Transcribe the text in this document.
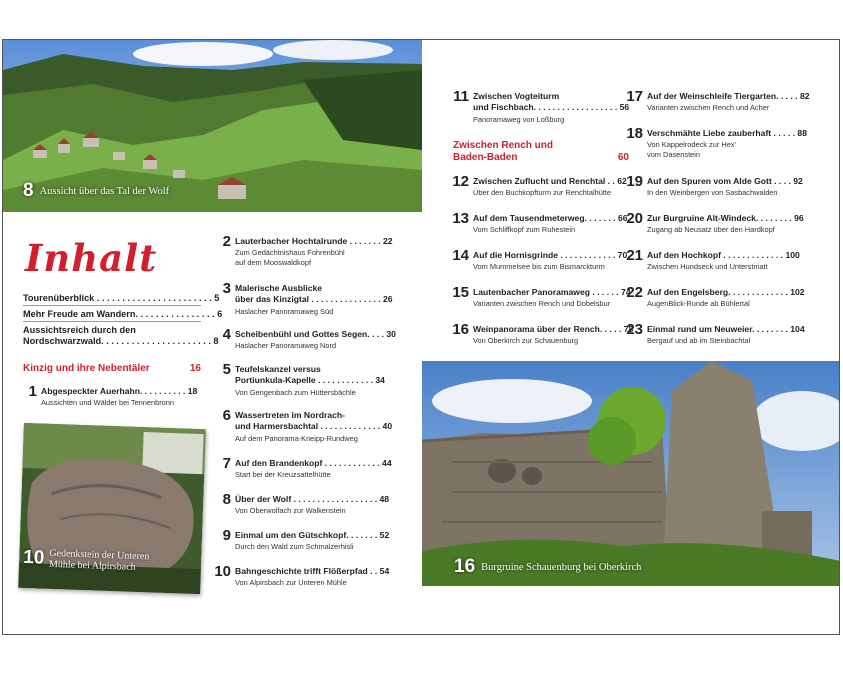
8 Aussicht über das Tal der Wolf
Inhalt
Tourenüberblick . . . . . . . . . . . . . . . . . . . . . . . 5
Mehr Freude am Wandern. . . . . . . . . . . . . . . . 6
Aussichtsreich durch den
Nordschwarzwald. . . . . . . . . . . . . . . . . . . . . . 8
Kinzig und ihre Nebentäler	16
1 Abgespeckter Auerhahn. . . . . . . . . . 18
Aussichten und Wälder bei Tennenbronn
10 Gedenkstein der Unteren
Mühle bei Alpirsbach
2 Lauterbacher Hochtalrunde . . . . . . . 22
Zum Gedächtnishaus Fohrenbühl
auf dem Mooswaldkopf
3 Malerische Ausblicke
über das Kinzigtal . . . . . . . . . . . . . . . 26
Haslacher Panoramaweg Süd
4 Scheibenbühl und Gottes Segen. . . . 30
Haslacher Panoramaweg Nord
5 Teufelskanzel versus
Portiunkula-Kapelle . . . . . . . . . . . . 34
Von Gengenbach zum Hüttersbächle
6 Wassertreten im Nordrach-
und Harmersbachtal . . . . . . . . . . . . . 40
Auf dem Panorama-Kneipp-Rundweg
7 Auf den Brandenkopf . . . . . . . . . . . . 44
Start bei der Kreuzsattelhütte
8 Über der Wolf . . . . . . . . . . . . . . . . . . 48
Von Oberwolfach zur Walkenstein
9 Einmal um den Gütschkopf. . . . . . . 52
Durch den Wald zum Schmalzerhisli
10 Bahngeschichte trifft Flößerpfad . . 54
Von Alpirsbach zur Unteren Mühle
11 Zwischen Vogteiturm
und Fischbach. . . . . . . . . . . . . . . . . . 56
Panoramaweg von Loßburg
Zwischen Rench und
Baden-Baden	60
12 Zwischen Zuflucht und Renchtal . . 62
Über den Buchkopfturm zur Renchtalhütte
13 Auf dem Tausendmeterweg. . . . . . . 66
Vom Schliffkopf zum Ruhestein
14 Auf die Hornisgrinde . . . . . . . . . . . . 70
Vom Mummelsee bis zum Bismarckturm
15 Lautenbacher Panoramaweg . . . . . . 74
Varianten zwischen Rench und Dobelsbur
16 Weinpanorama über der Rench. . . . . 78
Von Oberkirch zur Schauenburg
17 Auf der Weinschleife Tiergarten. . . . . 82
Varianten zwischen Rench und Acher
18 Verschmähte Liebe zauberhaft . . . . . 88
Von Kappelrodeck zur Hex’
vom Dasenstein
19 Auf den Spuren vom Alde Gott . . . . 92
In den Weinbergen von Sasbachwalden
20 Zur Burgruine Alt-Windeck. . . . . . . . 96
Zugang ab Neusatz über den Hardkopf
21 Auf den Hochkopf . . . . . . . . . . . . . 100
Zwischen Hundseck und Unterstmatt
22 Auf den Engelsberg. . . . . . . . . . . . . 102
AugenBlick-Runde ab Bühlertal
23 Einmal rund um Neuweier. . . . . . . . 104
Bergauf und ab im Steinbachtal
16 Burgruine Schauenburg bei Oberkirch
